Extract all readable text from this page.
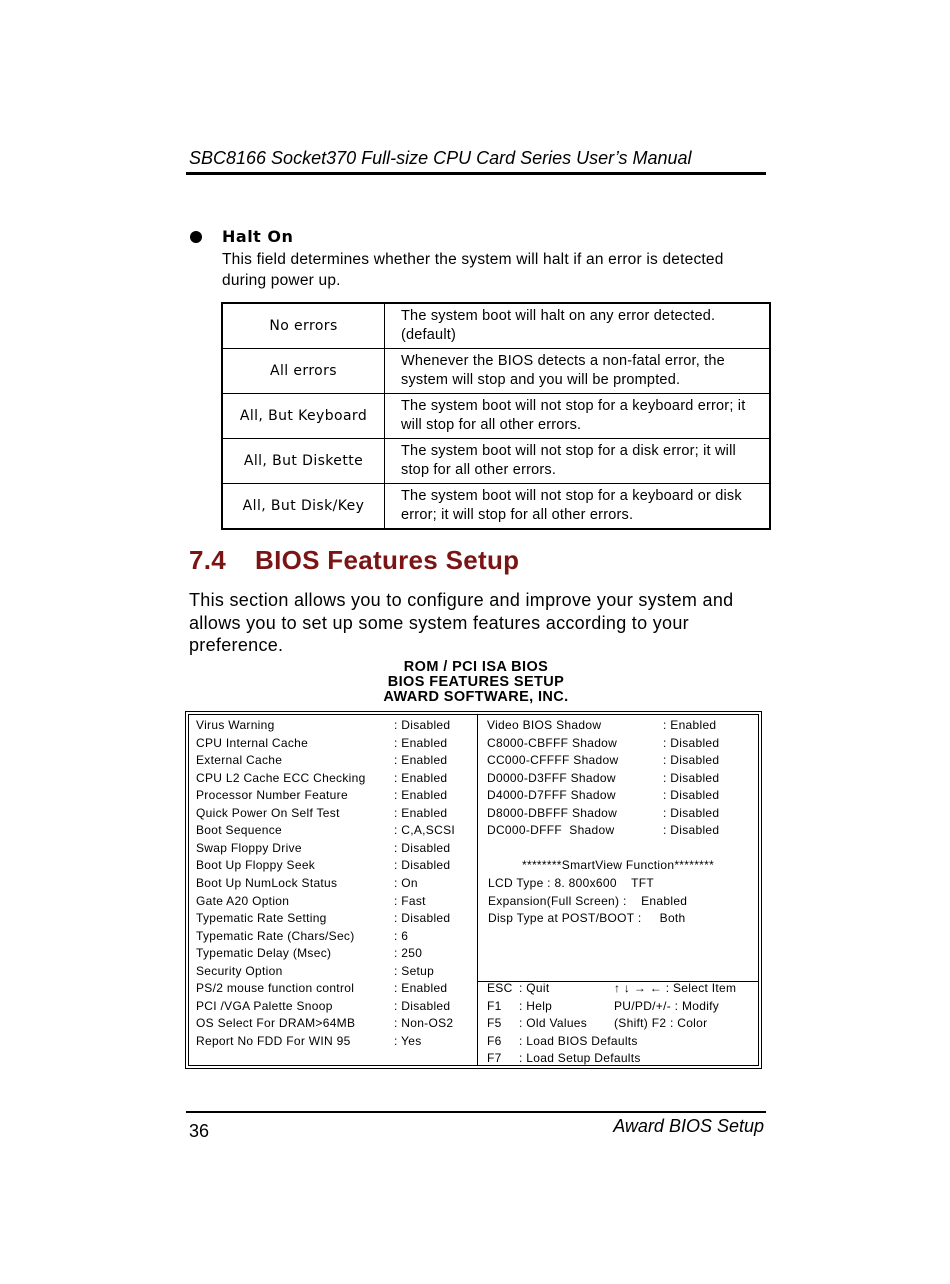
SBC8166 Socket370 Full-size CPU Card Series User’s Manual
Halt On
This field determines whether the system will halt if an error is detected during power up.
No errors	The system boot will halt on any error detected. (default)
All errors	Whenever the BIOS detects a non-fatal error, the system will stop and you will be prompted.
All, But Keyboard	The system boot will not stop for a keyboard error; it will stop for all other errors.
All, But Diskette	The system boot will not stop for a disk error; it will stop for all other errors.
All, But Disk/Key	The system boot will not stop for a keyboard or disk error; it will stop for all other errors.
7.4 BIOS Features Setup
This section allows you to configure and improve your system and allows you to set up some system features according to your preference.
ROM / PCI ISA BIOS
BIOS FEATURES SETUP
AWARD SOFTWARE, INC.
Virus Warning	: Disabled
CPU Internal Cache	: Enabled
External Cache	: Enabled
CPU L2 Cache ECC Checking : Enabled
Processor Number Feature	: Enabled
Quick Power On Self Test	: Enabled
Boot Sequence	: C,A,SCSI
Swap Floppy Drive	: Disabled
Boot Up Floppy Seek	: Disabled
Boot Up NumLock Status	: On
Gate A20 Option	: Fast
Typematic Rate Setting	: Disabled
Typematic Rate (Chars/Sec)	: 6
Typematic Delay (Msec)	: 250
Security Option	: Setup
PS/2 mouse function control	: Enabled
PCI /VGA Palette Snoop	: Disabled
OS Select For DRAM>64MB	: Non-OS2
Report No FDD For WIN 95	: Yes
Video BIOS Shadow	: Enabled
C8000-CBFFF Shadow	: Disabled
CC000-CFFFF Shadow	: Disabled
D0000-D3FFF Shadow	: Disabled
D4000-D7FFF Shadow	: Disabled
D8000-DBFFF Shadow	: Disabled
DC000-DFFF  Shadow	: Disabled
********SmartView Function********
LCD Type : 8. 800x600    TFT
Expansion(Full Screen) :    Enabled
Disp Type at POST/BOOT :     Both
ESC : Quit	↑ ↓ → ← : Select Item
F1 : Help	PU/PD/+/- : Modify
F5 : Old Values (Shift) F2 : Color
F6 : Load BIOS Defaults
F7 : Load Setup Defaults
36	Award BIOS Setup
